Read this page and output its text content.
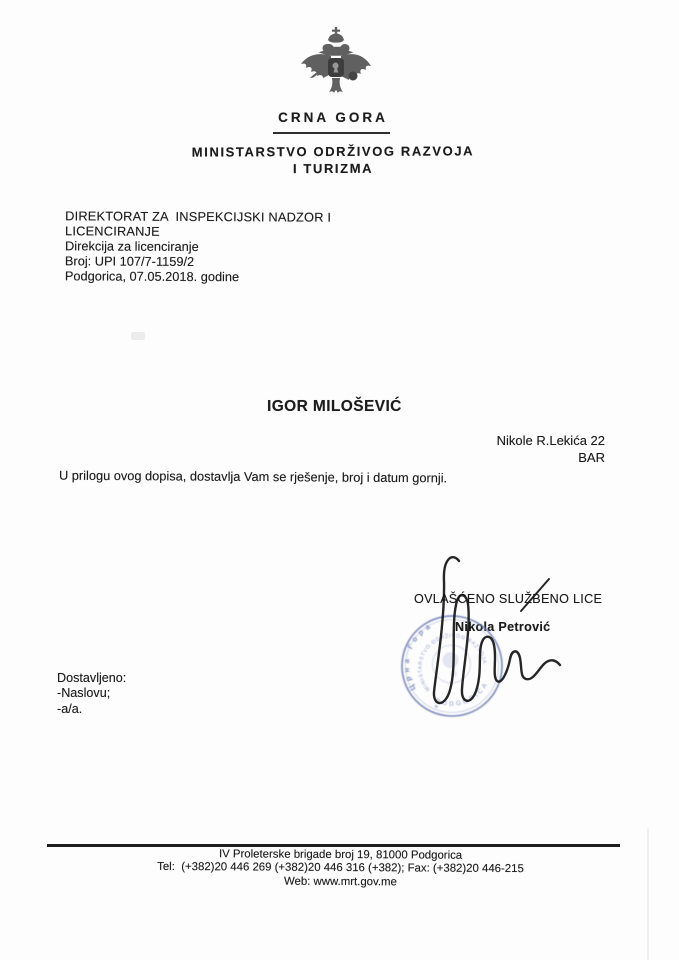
CRNA GORA
MINISTARSTVO ODRŽIVOG RAZVOJA
I TURIZMA
DIREKTORAT ZA  INSPEKCIJSKI NADZOR I
LICENCIRANJE
Direkcija za licenciranje
Broj: UPI 107/7-1159/2
Podgorica, 07.05.2018. godine
IGOR MILOŠEVIĆ
Nikole R.Lekića 22
BAR
U prilogu ovog dopisa, dostavlja Vam se rješenje, broj i datum gornji.
OVLAŠĆENO SLUŽBENO LICE
Nikola Petrović
Dostavljeno:
-Naslovu;
-a/a.
IV Proleterske brigade broj 19, 81000 Podgorica
Tel:  (+382)20 446 269 (+382)20 446 316 (+382); Fax: (+382)20 446-215
Web: www.mrt.gov.me
Црна Гора
MINISTARSTVO ODRŽIVOG RAZVOJA
PODGORICA
✶
